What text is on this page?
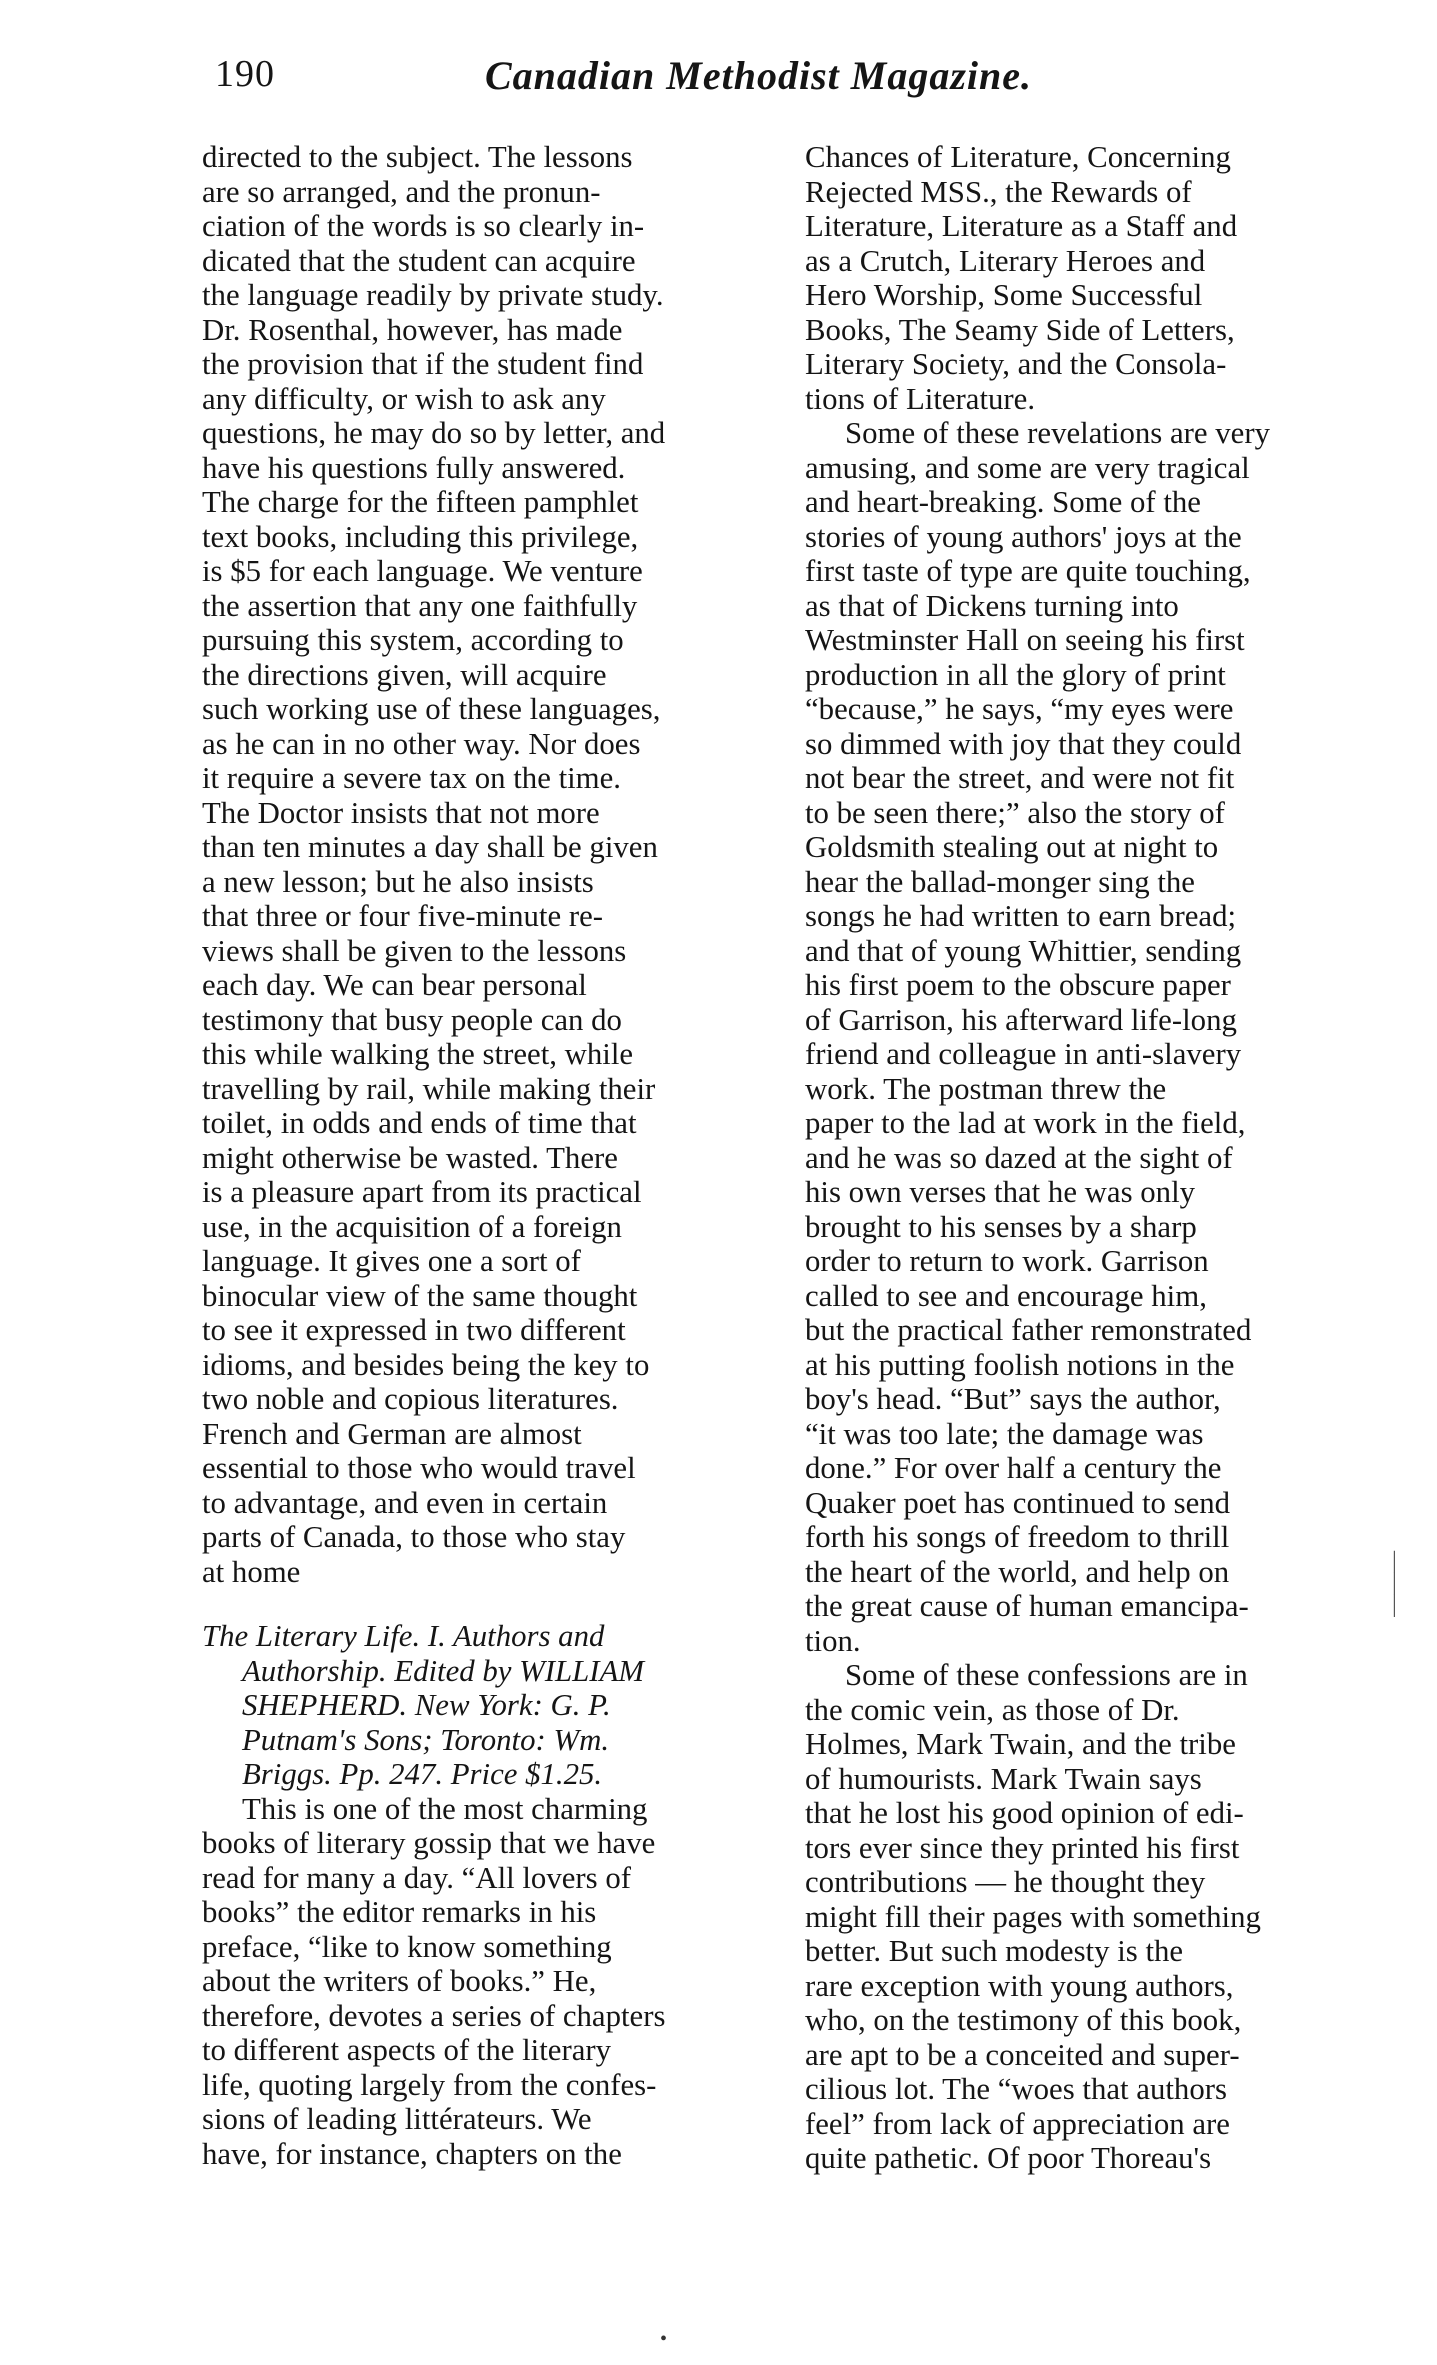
190	Canadian Methodist Magazine.
directed to the subject. The lessons
are so arranged, and the pronun-
ciation of the words is so clearly in-
dicated that the student can acquire
the language readily by private study.
Dr. Rosenthal, however, has made
the provision that if the student find
any difficulty, or wish to ask any
questions, he may do so by letter, and
have his questions fully answered.
The charge for the fifteen pamphlet
text books, including this privilege,
is $5 for each language. We venture
the assertion that any one faithfully
pursuing this system, according to
the directions given, will acquire
such working use of these languages,
as he can in no other way. Nor does
it require a severe tax on the time.
The Doctor insists that not more
than ten minutes a day shall be given
a new lesson; but he also insists
that three or four five-minute re-
views shall be given to the lessons
each day. We can bear personal
testimony that busy people can do
this while walking the street, while
travelling by rail, while making their
toilet, in odds and ends of time that
might otherwise be wasted. There
is a pleasure apart from its practical
use, in the acquisition of a foreign
language. It gives one a sort of
binocular view of the same thought
to see it expressed in two different
idioms, and besides being the key to
two noble and copious literatures.
French and German are almost
essential to those who would travel
to advantage, and even in certain
parts of Canada, to those who stay
at home
The Literary Life. I. Authors and
Authorship. Edited by WILLIAM
SHEPHERD. New York: G. P.
Putnam's Sons; Toronto: Wm.
Briggs. Pp. 247. Price $1.25.
This is one of the most charming
books of literary gossip that we have
read for many a day. “All lovers of
books” the editor remarks in his
preface, “like to know something
about the writers of books.” He,
therefore, devotes a series of chapters
to different aspects of the literary
life, quoting largely from the confes-
sions of leading littérateurs. We
have, for instance, chapters on the
Chances of Literature, Concerning
Rejected MSS., the Rewards of
Literature, Literature as a Staff and
as a Crutch, Literary Heroes and
Hero Worship, Some Successful
Books, The Seamy Side of Letters,
Literary Society, and the Consola-
tions of Literature.
Some of these revelations are very
amusing, and some are very tragical
and heart-breaking. Some of the
stories of young authors' joys at the
first taste of type are quite touching,
as that of Dickens turning into
Westminster Hall on seeing his first
production in all the glory of print
“because,” he says, “my eyes were
so dimmed with joy that they could
not bear the street, and were not fit
to be seen there;” also the story of
Goldsmith stealing out at night to
hear the ballad-monger sing the
songs he had written to earn bread;
and that of young Whittier, sending
his first poem to the obscure paper
of Garrison, his afterward life-long
friend and colleague in anti-slavery
work. The postman threw the
paper to the lad at work in the field,
and he was so dazed at the sight of
his own verses that he was only
brought to his senses by a sharp
order to return to work. Garrison
called to see and encourage him,
but the practical father remonstrated
at his putting foolish notions in the
boy's head. “But” says the author,
“it was too late; the damage was
done.” For over half a century the
Quaker poet has continued to send
forth his songs of freedom to thrill
the heart of the world, and help on
the great cause of human emancipa-
tion.
Some of these confessions are in
the comic vein, as those of Dr.
Holmes, Mark Twain, and the tribe
of humourists. Mark Twain says
that he lost his good opinion of edi-
tors ever since they printed his first
contributions — he thought they
might fill their pages with something
better. But such modesty is the
rare exception with young authors,
who, on the testimony of this book,
are apt to be a conceited and super-
cilious lot. The “woes that authors
feel” from lack of appreciation are
quite pathetic. Of poor Thoreau's
|
|
|
•
